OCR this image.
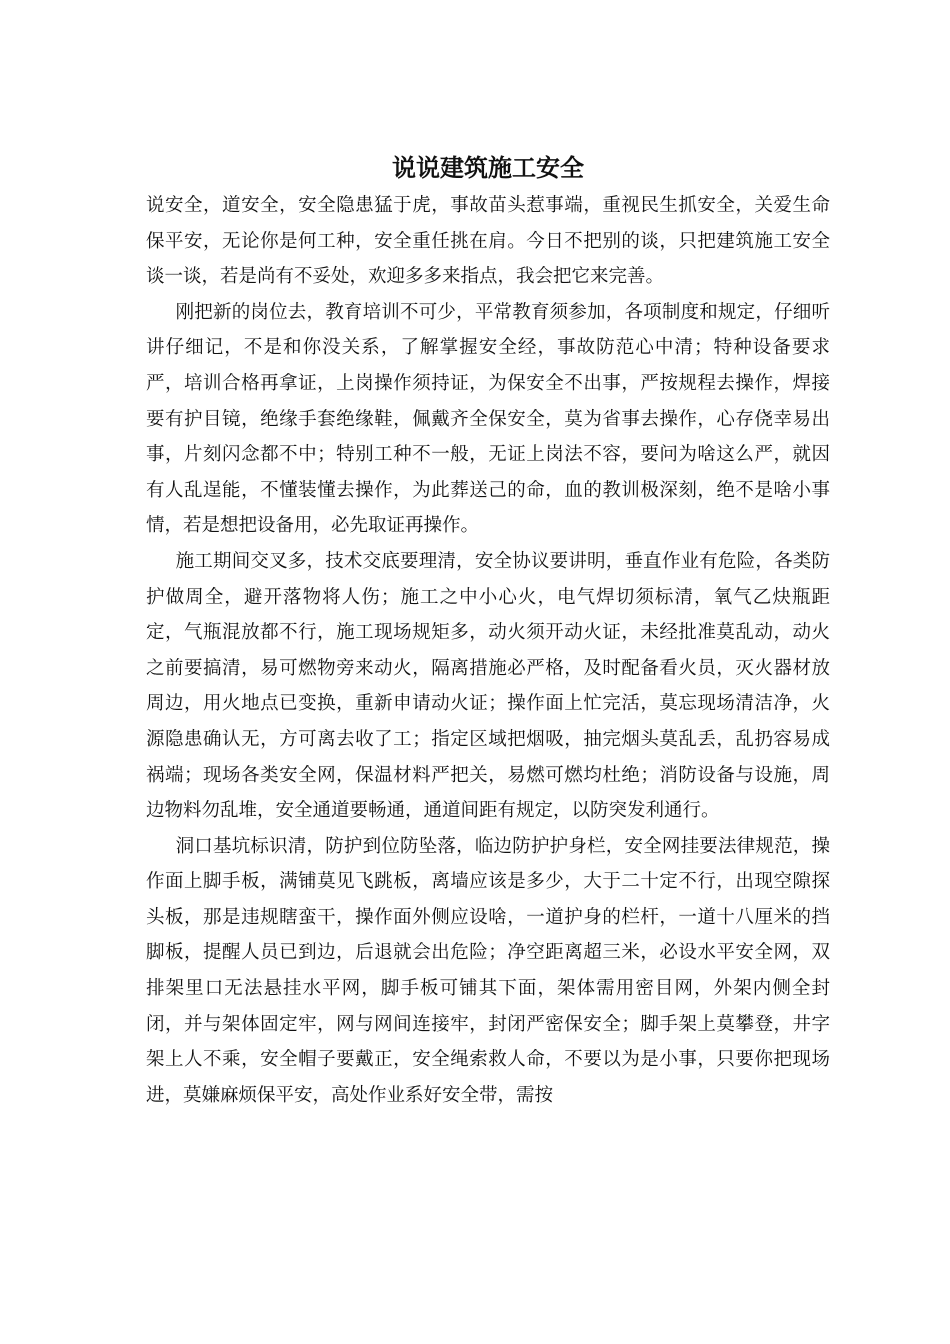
说说建筑施工安全

说安全，道安全，安全隐患猛于虎，事故苗头惹事端，重视民生抓安全，关爱生命保平安，无论你是何工种，安全重任挑在肩。今日不把别的谈，只把建筑施工安全谈一谈，若是尚有不妥处，欢迎多多来指点，我会把它来完善。

刚把新的岗位去，教育培训不可少，平常教育须参加，各项制度和规定，仔细听讲仔细记，不是和你没关系，了解掌握安全经，事故防范心中清；特种设备要求严，培训合格再拿证，上岗操作须持证，为保安全不出事，严按规程去操作，焊接要有护目镜，绝缘手套绝缘鞋，佩戴齐全保安全，莫为省事去操作，心存侥幸易出事，片刻闪念都不中；特别工种不一般，无证上岗法不容，要问为啥这么严，就因有人乱逞能，不懂装懂去操作，为此葬送己的命，血的教训极深刻，绝不是啥小事情，若是想把设备用，必先取证再操作。

施工期间交叉多，技术交底要理清，安全协议要讲明，垂直作业有危险，各类防护做周全，避开落物将人伤；施工之中小心火，电气焊切须标清，氧气乙炔瓶距定，气瓶混放都不行，施工现场规矩多，动火须开动火证，未经批准莫乱动，动火之前要搞清，易可燃物旁来动火，隔离措施必严格，及时配备看火员，灭火器材放周边，用火地点已变换，重新申请动火证；操作面上忙完活，莫忘现场清洁净，火源隐患确认无，方可离去收了工；指定区域把烟吸，抽完烟头莫乱丢，乱扔容易成祸端；现场各类安全网，保温材料严把关，易燃可燃均杜绝；消防设备与设施，周边物料勿乱堆，安全通道要畅通，通道间距有规定，以防突发利通行。

洞口基坑标识清，防护到位防坠落，临边防护护身栏，安全网挂要法律规范，操作面上脚手板，满铺莫见飞跳板，离墙应该是多少，大于二十定不行，出现空隙探头板，那是违规瞎蛮干，操作面外侧应设啥，一道护身的栏杆，一道十八厘米的挡脚板，提醒人员已到边，后退就会出危险；净空距离超三米，必设水平安全网，双排架里口无法悬挂水平网，脚手板可铺其下面，架体需用密目网，外架内侧全封闭，并与架体固定牢，网与网间连接牢，封闭严密保安全；脚手架上莫攀登，井字架上人不乘，安全帽子要戴正，安全绳索救人命，不要以为是小事，只要你把现场进，莫嫌麻烦保平安，高处作业系好安全带，需按
